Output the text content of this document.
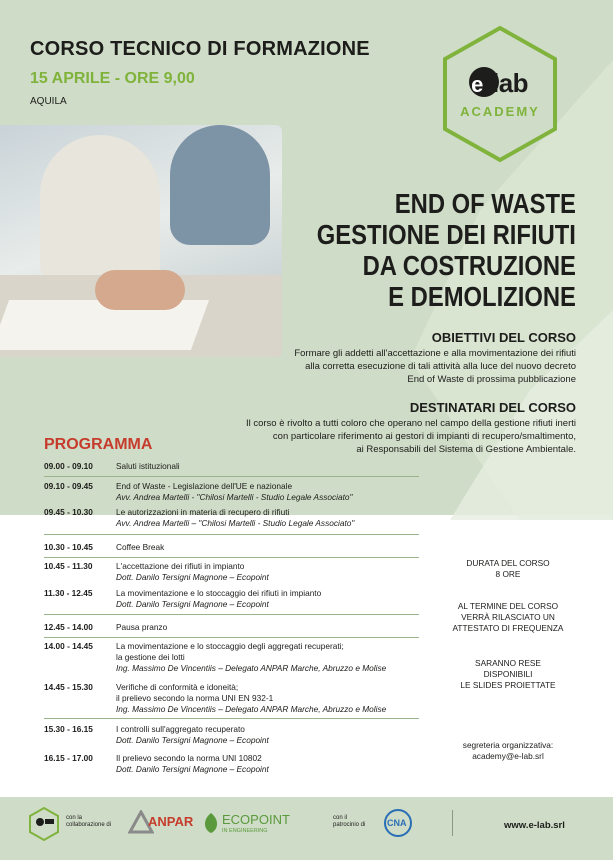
CORSO TECNICO DI FORMAZIONE
15 APRILE - ORE 9,00
AQUILA
e lab
ACADEMY
END OF WASTE
GESTIONE DEI RIFIUTI
DA COSTRUZIONE
E DEMOLIZIONE
OBIETTIVI DEL CORSO
Formare gli addetti all'accettazione e alla movimentazione dei rifiuti
alla corretta esecuzione di tali attività alla luce del nuovo decreto
End of Waste di prossima pubblicazione
DESTINATARI DEL CORSO
Il corso è rivolto a tutti coloro che operano nel campo della gestione rifiuti inerti
con particolare riferimento ai gestori di impianti di recupero/smaltimento,
ai Responsabili del Sistema di Gestione Ambientale.
PROGRAMMA
09.00 - 09.10	Saluti istituzionali
09.10 - 09.45	End of Waste - Legislazione dell'UE e nazionale
Avv. Andrea Martelli - "Chilosi Martelli - Studio Legale Associato"
09.45 - 10.30	Le autorizzazioni in materia di recupero di rifiuti
Avv. Andrea Martelli – "Chilosi Martelli - Studio Legale Associato"
10.30 - 10.45	Coffee Break
10.45 - 11.30	L'accettazione dei rifiuti in impianto
Dott. Danilo Tersigni Magnone – Ecopoint
11.30 - 12.45	La movimentazione e lo stoccaggio dei rifiuti in impianto
Dott. Danilo Tersigni Magnone – Ecopoint
12.45 - 14.00	Pausa pranzo
14.00 - 14.45	La movimentazione e lo stoccaggio degli aggregati recuperati;
la gestione dei lotti
Ing. Massimo De Vincentiis – Delegato ANPAR Marche, Abruzzo e Molise
14.45 - 15.30	Verifiche di conformità e idoneità;
il prelievo secondo la norma UNI EN 932-1
Ing. Massimo De Vincentiis – Delegato ANPAR Marche, Abruzzo e Molise
15.30 - 16.15	I controlli sull'aggregato recuperato
Dott. Danilo Tersigni Magnone – Ecopoint
16.15 - 17.00	Il prelievo secondo la norma UNI 10802
Dott. Danilo Tersigni Magnone – Ecopoint
DURATA DEL CORSO
8 ORE
AL TERMINE DEL CORSO
VERRÀ RILASCIATO UN
ATTESTATO DI FREQUENZA
SARANNO RESE
DISPONIBILI
LE SLIDES PROIETTATE
segreteria organizzativa:
academy@e-lab.srl
con la
collaborazione di	ANPAR ECOPOINT
IN ENGINEERING
con il
patrocinio di CNA	www.e-lab.srl
